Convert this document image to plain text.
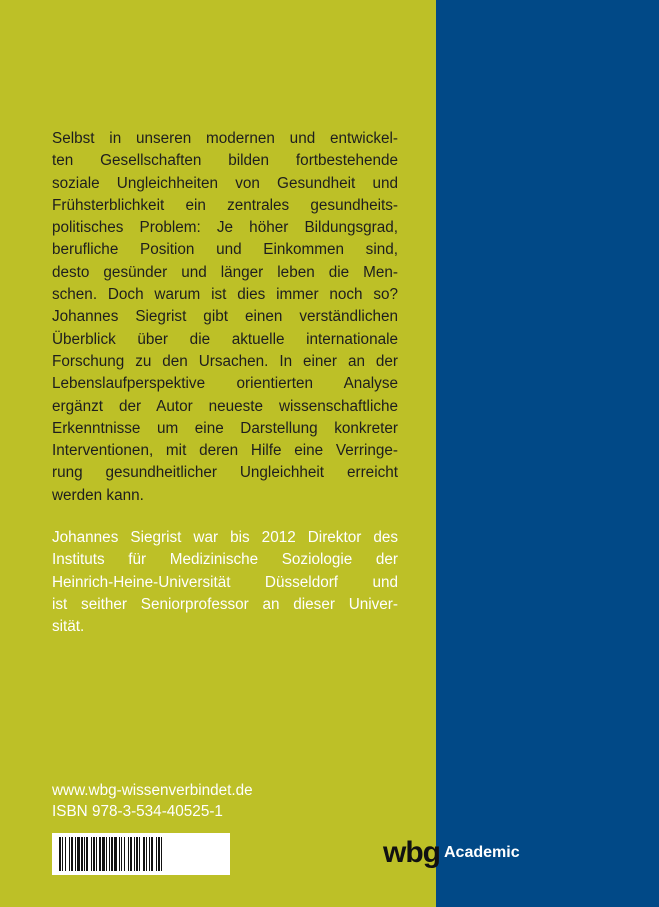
Selbst in unseren modernen und entwickel-
ten Gesellschaften bilden fortbestehende
soziale Ungleichheiten von Gesundheit und
Frühsterblichkeit ein zentrales gesundheits-
politisches Problem: Je höher Bildungsgrad,
berufliche Position und Einkommen sind,
desto gesünder und länger leben die Men-
schen. Doch warum ist dies immer noch so?
Johannes Siegrist gibt einen verständlichen
Überblick über die aktuelle internationale
Forschung zu den Ursachen. In einer an der
Lebenslaufperspektive orientierten Analyse
ergänzt der Autor neueste wissenschaftliche
Erkenntnisse um eine Darstellung konkreter
Interventionen, mit deren Hilfe eine Verringe-
rung gesundheitlicher Ungleichheit erreicht
werden kann.

Johannes Siegrist war bis 2012 Direktor des
Instituts für Medizinische Soziologie der
Heinrich-Heine-Universität Düsseldorf und
ist seither Seniorprofessor an dieser Univer-
sität.

www.wbg-wissenverbindet.de
ISBN 978-3-534-40525-1
wbg Academic
